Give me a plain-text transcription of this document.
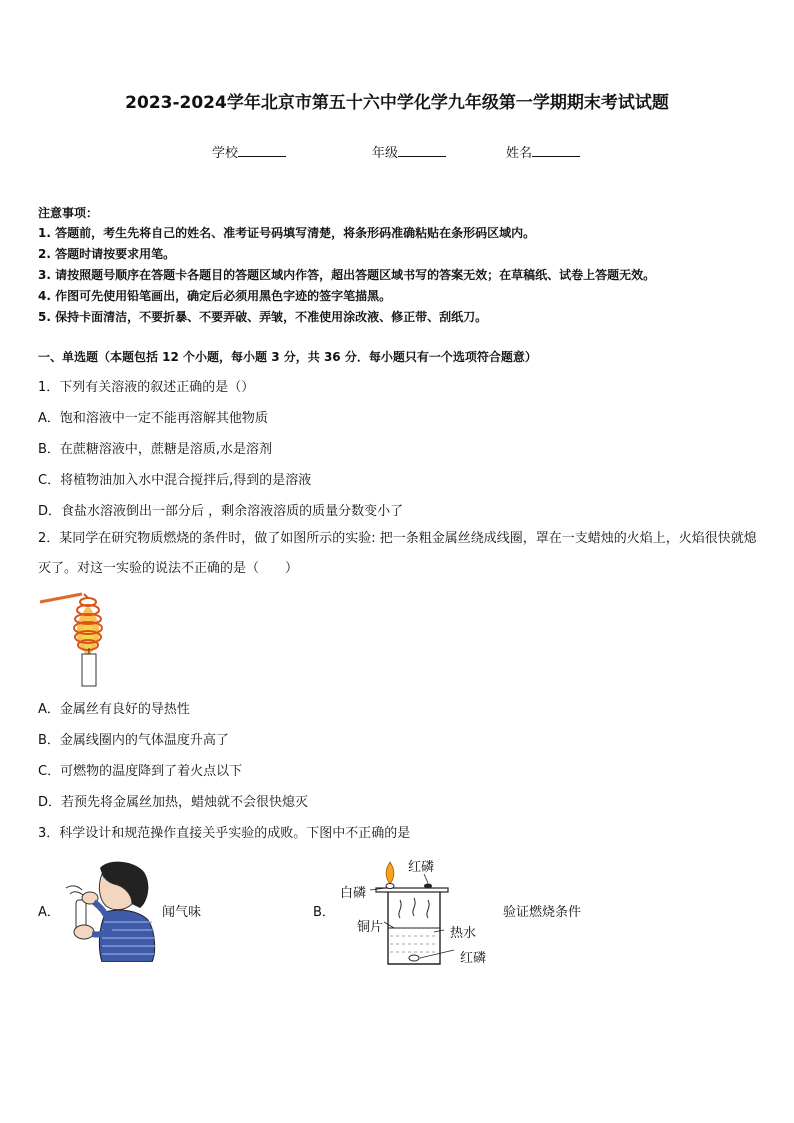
2023-2024学年北京市第五十六中学化学九年级第一学期期末考试试题
学校	年级	姓名
注意事项：
1. 答题前，考生先将自己的姓名、准考证号码填写清楚，将条形码准确粘贴在条形码区域内。
2. 答题时请按要求用笔。
3. 请按照题号顺序在答题卡各题目的答题区域内作答，超出答题区域书写的答案无效；在草稿纸、试卷上答题无效。
4. 作图可先使用铅笔画出，确定后必须用黑色字迹的签字笔描黑。
5. 保持卡面清洁，不要折暴、不要弄破、弄皱，不准使用涂改液、修正带、刮纸刀。
一、单选题（本题包括 12 个小题，每小题 3 分，共 36 分．每小题只有一个选项符合题意）
1．下列有关溶液的叙述正确的是（）
A．饱和溶液中一定不能再溶解其他物质
B．在蔗糖溶液中，蔗糖是溶质,水是溶剂
C．将植物油加入水中混合搅拌后,得到的是溶液
D．食盐水溶液倒出一部分后 ，剩余溶液溶质的质量分数变小了
2．某同学在研究物质燃烧的条件时，做了如图所示的实验: 把一条粗金属丝绕成线圈，罩在一支蜡烛的火焰上，火焰很快就熄灭了。对这一实验的说法不正确的是（　　）
A．金属丝有良好的导热性
B．金属线圈内的气体温度升高了
C．可燃物的温度降到了着火点以下
D．若预先将金属丝加热，蜡烛就不会很快熄灭
3．科学设计和规范操作直接关乎实验的成败。下图中不正确的是
A．	闻气味	B．
红磷
白磷
铜片	热水
红磷
验证燃烧条件
